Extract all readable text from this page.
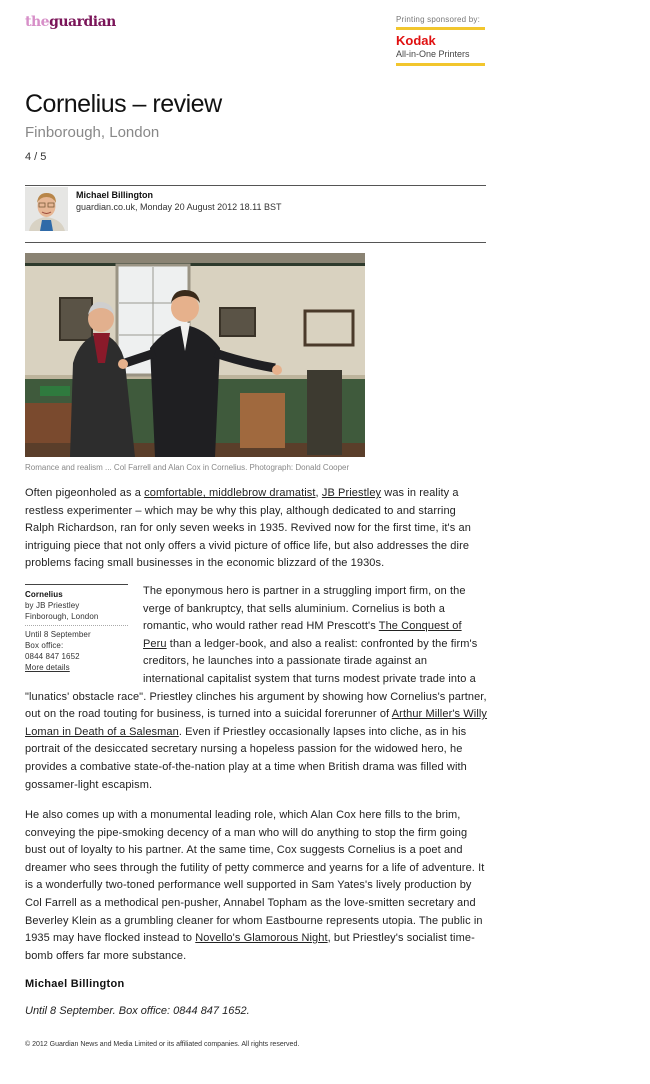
theguardian	Printing sponsored by:
Kodak
All-in-One Printers
Cornelius – review
Finborough, London
4 / 5
Michael Billington
guardian.co.uk, Monday 20 August 2012 18.11 BST
Romance and realism ... Col Farrell and Alan Cox in Cornelius. Photograph: Donald Cooper

Often pigeonholed as a comfortable, middlebrow dramatist, JB Priestley was in reality a restless experimenter – which may be why this play, although dedicated to and starring Ralph Richardson, ran for only seven weeks in 1935. Revived now for the first time, it's an intriguing piece that not only offers a vivid picture of office life, but also addresses the dire problems facing small businesses in the economic blizzard of the 1930s.

Cornelius
by JB Priestley
Finborough, London
Until 8 September
Box office:
0844 847 1652
More details

The eponymous hero is partner in a struggling import firm, on the verge of bankruptcy, that sells aluminium. Cornelius is both a romantic, who would rather read HM Prescott's The Conquest of Peru than a ledger-book, and also a realist: confronted by the firm's creditors, he launches into a passionate tirade against an international capitalist system that turns modest private trade into a "lunatics' obstacle race". Priestley clinches his argument by showing how Cornelius's partner, out on the road touting for business, is turned into a suicidal forerunner of Arthur Miller's Willy Loman in Death of a Salesman. Even if Priestley occasionally lapses into cliche, as in his portrait of the desiccated secretary nursing a hopeless passion for the widowed hero, he provides a combative state-of-the-nation play at a time when British drama was filled with gossamer-light escapism.

He also comes up with a monumental leading role, which Alan Cox here fills to the brim, conveying the pipe-smoking decency of a man who will do anything to stop the firm going bust out of loyalty to his partner. At the same time, Cox suggests Cornelius is a poet and dreamer who sees through the futility of petty commerce and yearns for a life of adventure. It is a wonderfully two-toned performance well supported in Sam Yates's lively production by Col Farrell as a methodical pen-pusher, Annabel Topham as the love-smitten secretary and Beverley Klein as a grumbling cleaner for whom Eastbourne represents utopia. The public in 1935 may have flocked instead to Novello's Glamorous Night, but Priestley's socialist time-bomb offers far more substance.

Michael Billington
Until 8 September. Box office: 0844 847 1652.
© 2012 Guardian News and Media Limited or its affiliated companies. All rights reserved.
